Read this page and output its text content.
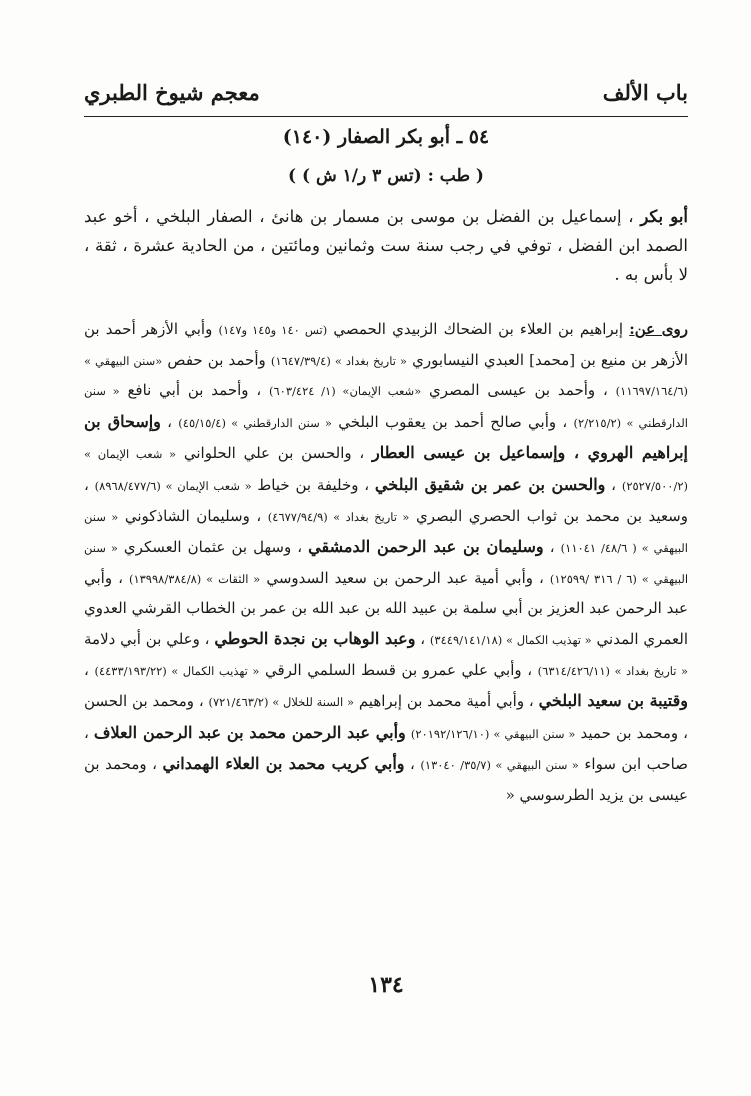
باب الألف
معجم شيوخ الطبري
٥٤ ـ أبو بكر الصفار (١٤٠)
( طب : (تس ٣ ر/١ ش ) )
أبو بكر ، إسماعيل بن الفضل بن موسى بن مسمار بن هانئ ، الصفار البلخي ، أخو عبد الصمد ابن الفضل ، توفي في رجب سنة ست وثمانين ومائتين ، من الحادية عشرة ، ثقة ، لا بأس به .
روى عن: إبراهيم بن العلاء بن الضحاك الزبيدي الحمصي (تس ١٤٠ و١٤٥ و١٤٧) وأبي الأزهر أحمد بن الأزهر بن منيع بن [محمد] العبدي النيسابوري « تاريخ بغداد » (١٦٤٧/٣٩/٤) وأحمد بن حفص «سنن البيهقي » (١١٦٩٧/١٦٤/٦) ، وأحمد بن عيسى المصري «شعب الإيمان» (١/ ٦٠٣/٤٢٤) ، وأحمد بن أبي نافع « سنن الدارقطني » (٢/٢١٥/٢) ، وأبي صالح أحمد بن يعقوب البلخي « سنن الدارقطني » (٤٥/١٥/٤) ، وإسحاق بن إبراهيم الهروي ، وإسماعيل بن عيسى العطار ، والحسن بن علي الحلواني « شعب الإيمان » (٢٥٢٧/٥٠٠/٢) ، والحسن بن عمر بن شقيق البلخي ، وخليفة بن خياط « شعب الإيمان » (٨٩٦٨/٤٧٧/٦) ، وسعيد بن محمد بن ثواب الحصري البصري « تاريخ بغداد » (٤٦٧٧/٩٤/٩) ، وسليمان الشاذكوني « سنن البيهقي » ( ٤٨/٦/ ١١٠٤١) ، وسليمان بن عبد الرحمن الدمشقي ، وسهل بن عثمان العسكري « سنن البيهقي » (٦ / ٣١٦ /١٢٥٩٩) ، وأبي أمية عبد الرحمن بن سعيد السدوسي « الثقات » (١٣٩٩٨/٣٨٤/٨) ، وأبي عبد الرحمن عبد العزيز بن أبي سلمة بن عبيد الله بن عبد الله بن عمر بن الخطاب القرشي العدوي العمري المدني « تهذيب الكمال » (٣٤٤٩/١٤١/١٨) ، وعبد الوهاب بن نجدة الحوطي ، وعلي بن أبي دلامة « تاريخ بغداد » (٦٣١٤/٤٢٦/١١) ، وأبي علي عمرو بن قسط السلمي الرقي « تهذيب الكمال » (٤٤٣٣/١٩٣/٢٢) ، وقتيبة بن سعيد البلخي ، وأبي أمية محمد بن إبراهيم « السنة للخلال » (٧٢١/٤٦٣/٢) ، ومحمد بن الحسن ، ومحمد بن حميد « سنن البيهقي » (٢٠١٩٢/١٢٦/١٠) وأبي عبد الرحمن محمد بن عبد الرحمن العلاف ، صاحب ابن سواء « سنن البيهقي » (٣٥/٧/ ١٣٠٤٠) ، وأبي كريب محمد بن العلاء الهمداني ، ومحمد بن عيسى بن يزيد الطرسوسي «
١٣٤
